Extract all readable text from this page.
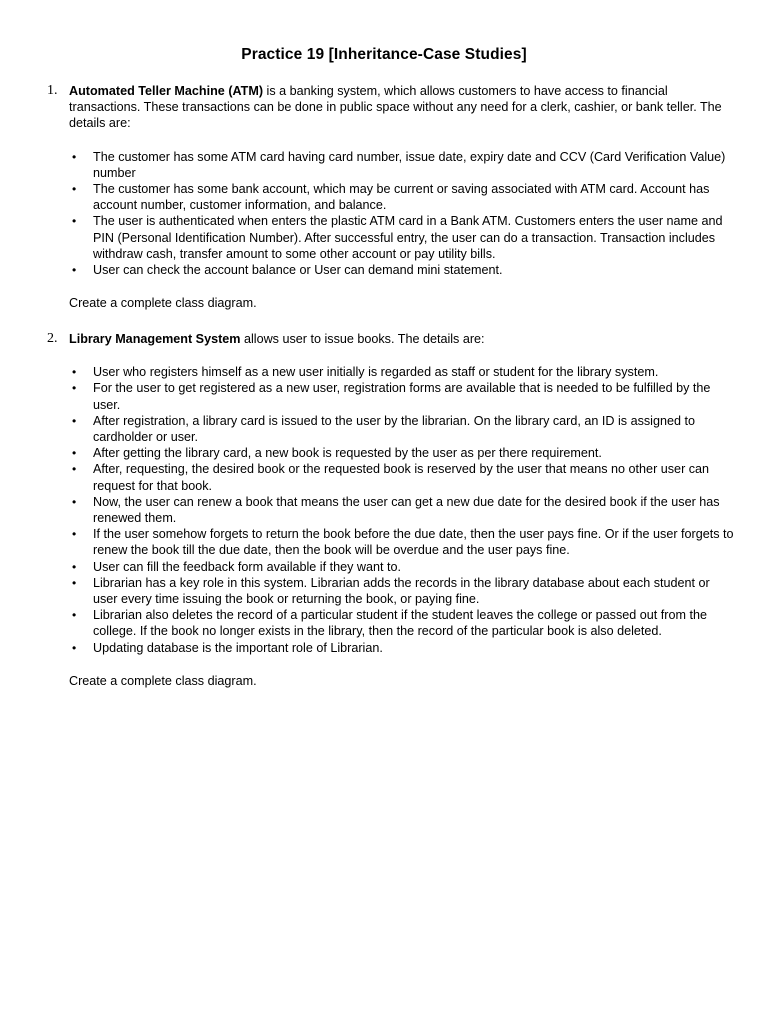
Practice 19 [Inheritance-Case Studies]
1. Automated Teller Machine (ATM) is a banking system, which allows customers to have access to financial transactions. These transactions can be done in public space without any need for a clerk, cashier, or bank teller. The details are:
• The customer has some ATM card having card number, issue date, expiry date and CCV (Card Verification Value) number
• The customer has some bank account, which may be current or saving associated with ATM card. Account has account number, customer information, and balance.
• The user is authenticated when enters the plastic ATM card in a Bank ATM. Customers enters the user name and PIN (Personal Identification Number). After successful entry, the user can do a transaction. Transaction includes withdraw cash, transfer amount to some other account or pay utility bills.
• User can check the account balance or User can demand mini statement.
Create a complete class diagram.
2. Library Management System allows user to issue books. The details are:
• User who registers himself as a new user initially is regarded as staff or student for the library system.
• For the user to get registered as a new user, registration forms are available that is needed to be fulfilled by the user.
• After registration, a library card is issued to the user by the librarian. On the library card, an ID is assigned to cardholder or user.
• After getting the library card, a new book is requested by the user as per there requirement.
• After, requesting, the desired book or the requested book is reserved by the user that means no other user can request for that book.
• Now, the user can renew a book that means the user can get a new due date for the desired book if the user has renewed them.
• If the user somehow forgets to return the book before the due date, then the user pays fine. Or if the user forgets to renew the book till the due date, then the book will be overdue and the user pays fine.
• User can fill the feedback form available if they want to.
• Librarian has a key role in this system. Librarian adds the records in the library database about each student or user every time issuing the book or returning the book, or paying fine.
• Librarian also deletes the record of a particular student if the student leaves the college or passed out from the college. If the book no longer exists in the library, then the record of the particular book is also deleted.
• Updating database is the important role of Librarian.
Create a complete class diagram.
